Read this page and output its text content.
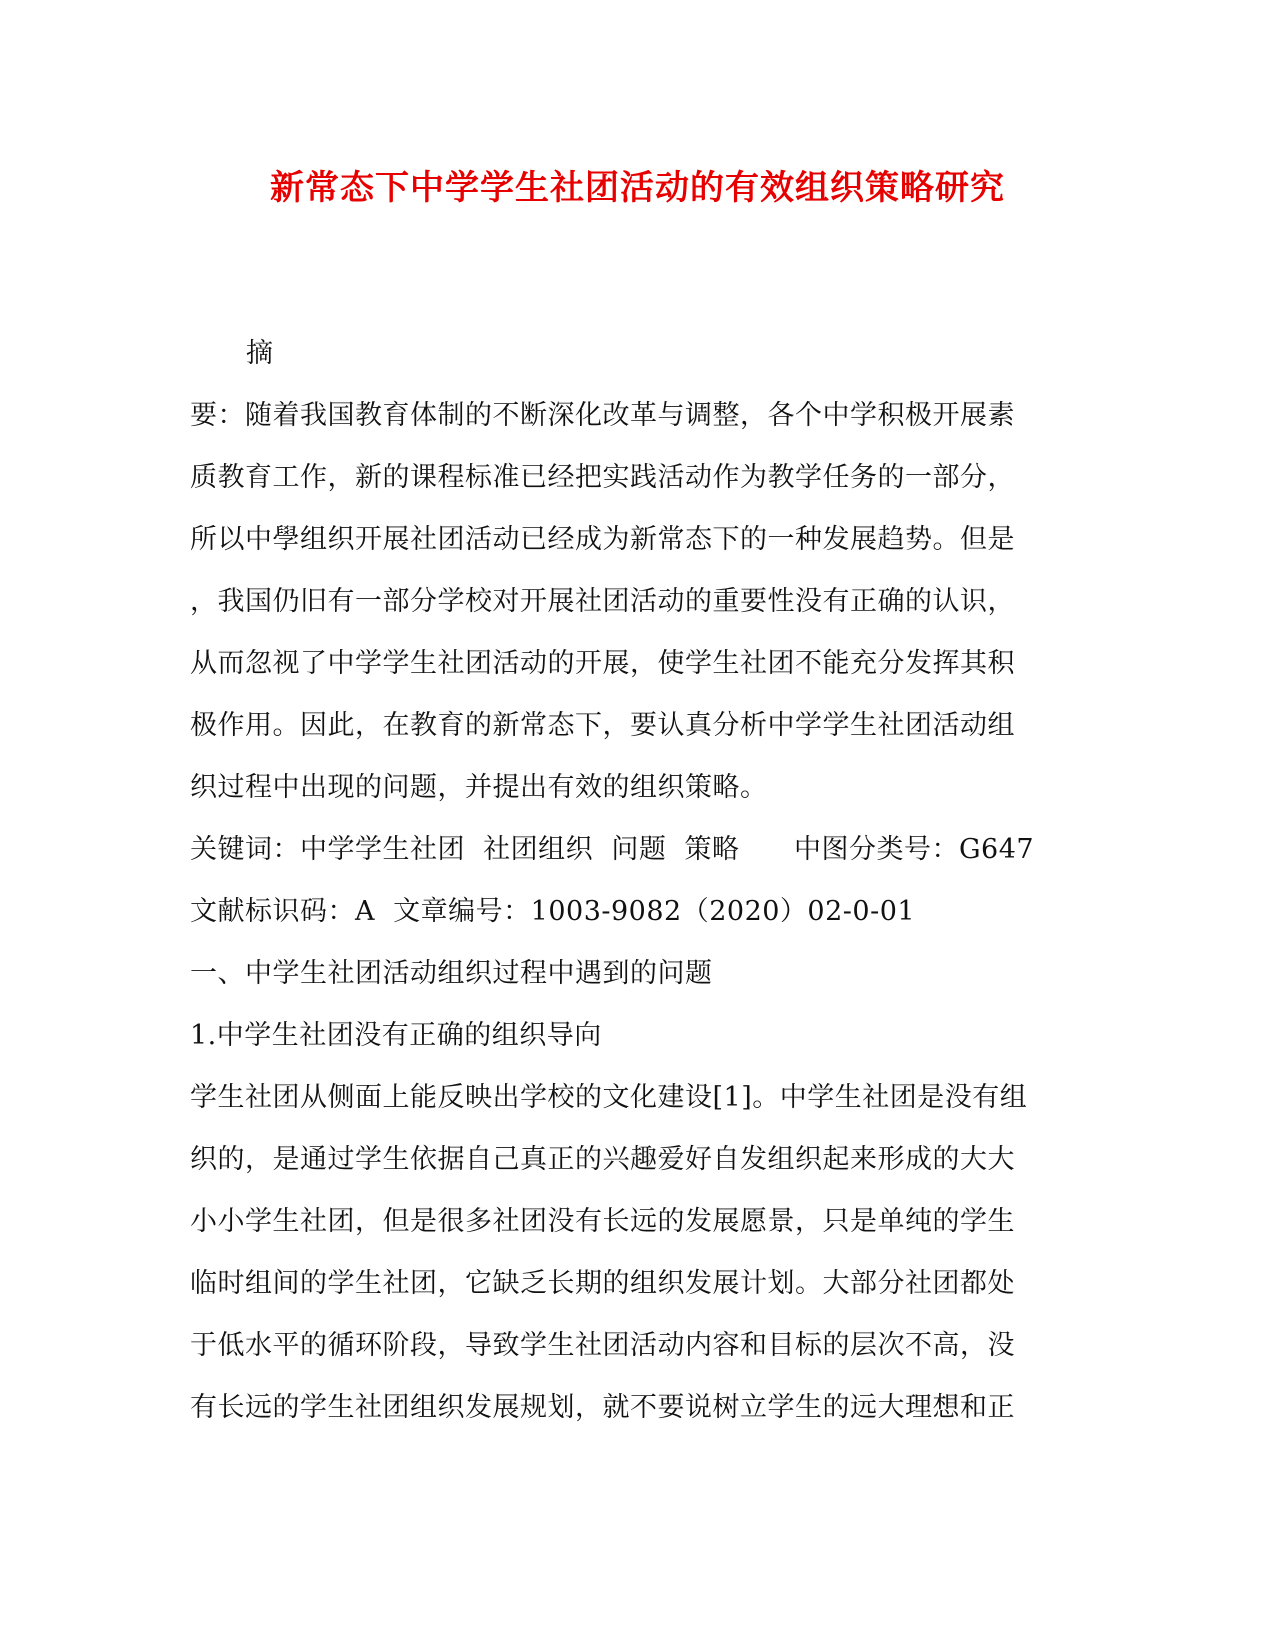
新常态下中学学生社团活动的有效组织策略研究
摘
要：随着我国教育体制的不断深化改革与调整，各个中学积极开展素
质教育工作，新的课程标准已经把实践活动作为教学任务的一部分，
所以中學组织开展社团活动已经成为新常态下的一种发展趋势。但是
，我国仍旧有一部分学校对开展社团活动的重要性没有正确的认识，
从而忽视了中学学生社团活动的开展，使学生社团不能充分发挥其积
极作用。因此，在教育的新常态下，要认真分析中学学生社团活动组
织过程中出现的问题，并提出有效的组织策略。
关键词：中学学生社团  社团组织  问题  策略      中图分类号：G647
文献标识码：A  文章编号：1003-9082（2020）02-0-01
一、中学生社团活动组织过程中遇到的问题
1.中学生社团没有正确的组织导向
学生社团从侧面上能反映出学校的文化建设[1]。中学生社团是没有组
织的，是通过学生依据自己真正的兴趣爱好自发组织起来形成的大大
小小学生社团，但是很多社团没有长远的发展愿景，只是单纯的学生
临时组间的学生社团，它缺乏长期的组织发展计划。大部分社团都处
于低水平的循环阶段，导致学生社团活动内容和目标的层次不高，没
有长远的学生社团组织发展规划，就不要说树立学生的远大理想和正
